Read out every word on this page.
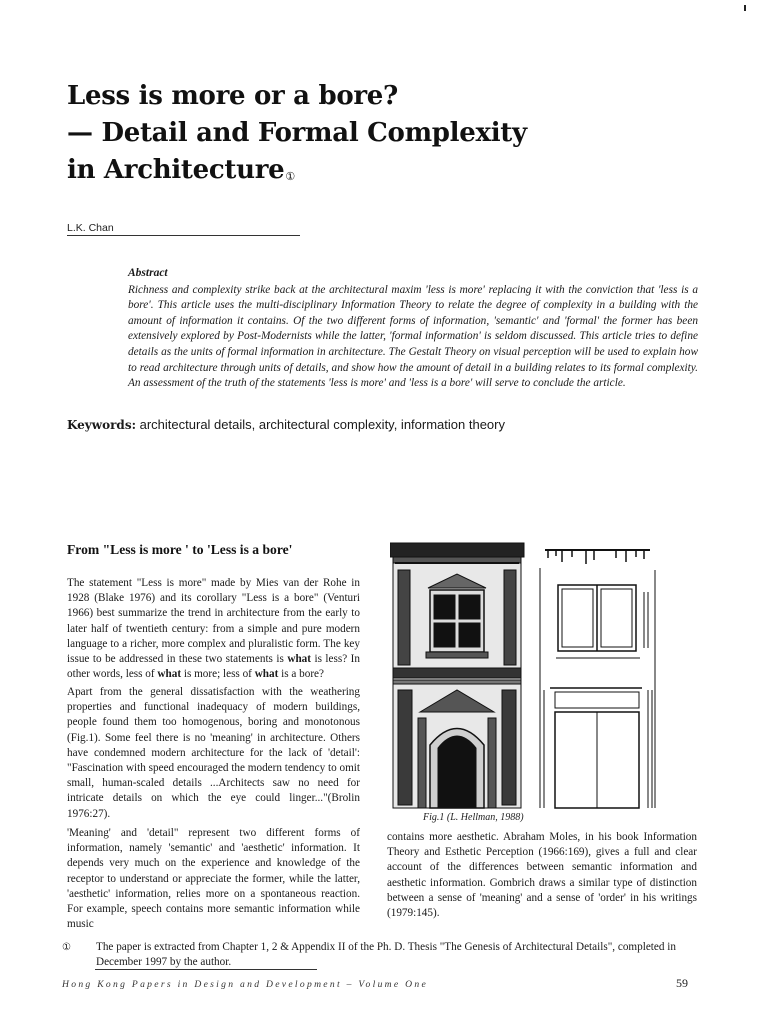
Less is more or a bore?
— Detail and Formal Complexity
in Architecture①
L.K. Chan
Abstract

Richness and complexity strike back at the architectural maxim 'less is more' replacing it with the conviction that 'less is a bore'. This article uses the multi-disciplinary Information Theory to relate the degree of complexity in a building with the amount of information it contains. Of the two different forms of information, 'semantic' and 'formal' the former has been extensively explored by Post-Modernists while the latter, 'formal information' is seldom discussed. This article tries to define details as the units of formal information in architecture. The Gestalt Theory on visual perception will be used to explain how to read architecture through units of details, and show how the amount of detail in a building relates to its formal complexity. An assessment of the truth of the statements 'less is more' and 'less is a bore' will serve to conclude the article.

Keywords: architectural details, architectural complexity, information theory
From "Less is more ' to 'Less is a bore'

The statement "Less is more" made by Mies van der Rohe in 1928 (Blake 1976) and its corollary "Less is a bore" (Venturi 1966) best summarize the trend in architecture from the early to later half of twentieth century: from a simple and pure modern language to a richer, more complex and pluralistic form. The key issue to be addressed in these two statements is what is less? In other words, less of what is more; less of what is a bore?

Apart from the general dissatisfaction with the weathering properties and functional inadequacy of modern buildings, people found them too homogenous, boring and monotonous (Fig.1). Some feel there is no 'meaning' in architecture. Others have condemned modern architecture for the lack of 'detail': "Fascination with speed encouraged the modern tendency to omit small, human-scaled details ...Architects saw no need for intricate details on which the eye could linger..."(Brolin 1976:27).

'Meaning' and 'detail" represent two different forms of information, namely 'semantic' and 'aesthetic' information. It depends very much on the experience and knowledge of the receptor to understand or appreciate the former, while the latter, 'aesthetic' information, relies more on a spontaneous reaction. For example, speech contains more semantic information while music

contains more aesthetic. Abraham Moles, in his book Information Theory and Esthetic Perception (1966:169), gives a full and clear account of the differences between semantic information and aesthetic information. Gombrich draws a similar type of distinction between a sense of 'meaning' and a sense of 'order' in his writings (1979:145).

Fig.1 (L. Hellman, 1988)
① The paper is extracted from Chapter 1, 2 & Appendix II of the Ph. D. Thesis "The Genesis of Architectural Details", completed in December 1997 by the author.
Hong Kong Papers in Design and Development – Volume One	59
